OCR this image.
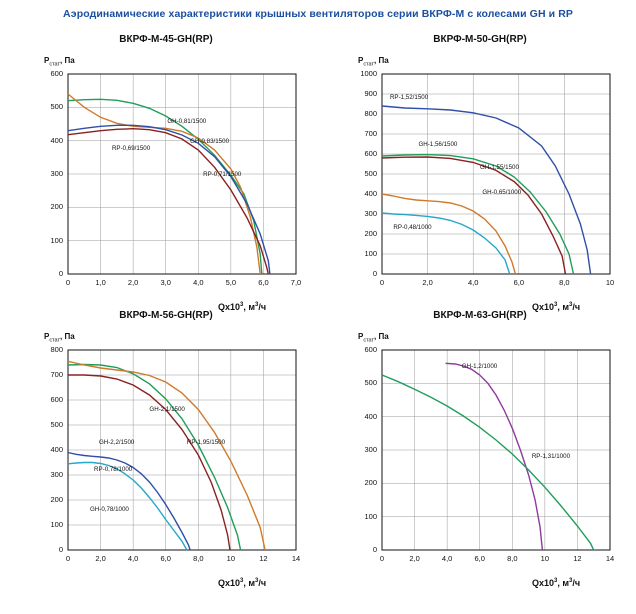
Аэродинамические характеристики крышных вентиляторов серии ВКРФ-М с колесами GH и RP
ВКРФ-М-45-GH(RP)
$P_{стат}$, Па
$Qx10^3$, $м^3/ч$
0	1,0	2,0	3,0	4,0	5,0	6,0	7,0
0
100
200
300
400
500
600
GH-0,81/1500
RP-0,69/1500
GH-0,83/1500
RP-0,71/1500
ВКРФ-М-50-GH(RP)
$P_{стат}$, Па
$Qx10^3$, $м^3/ч$
0	2,0	4,0	6,0	8,0	10
0
100
200
300
400
500
600
700
800
900
1000
RP-1,52/1500
GH-1,56/1500
GH-1,55/1500
GH-0,65/1000
RP-0,48/1000
ВКРФ-М-56-GH(RP)
$P_{стат}$, Па
$Qx10^3$, $м^3/ч$
0	2,0	4,0	6,0	8,0	10	12	14
0
100
200
300
400
500
600
700
800
GH-2,2/1500	RP-1,95/1500
GH-2,1/1500
RP-0,78/1000
GH-0,78/1000
ВКРФ-М-63-GH(RP)
$P_{стат}$, Па
$Qx10^3$, $м^3/ч$
0	2,0	4,0	6,0	8,0	10	12	14
0
100
200
300
400
500
600
GH-1,2/1000
RP-1,31/1000
